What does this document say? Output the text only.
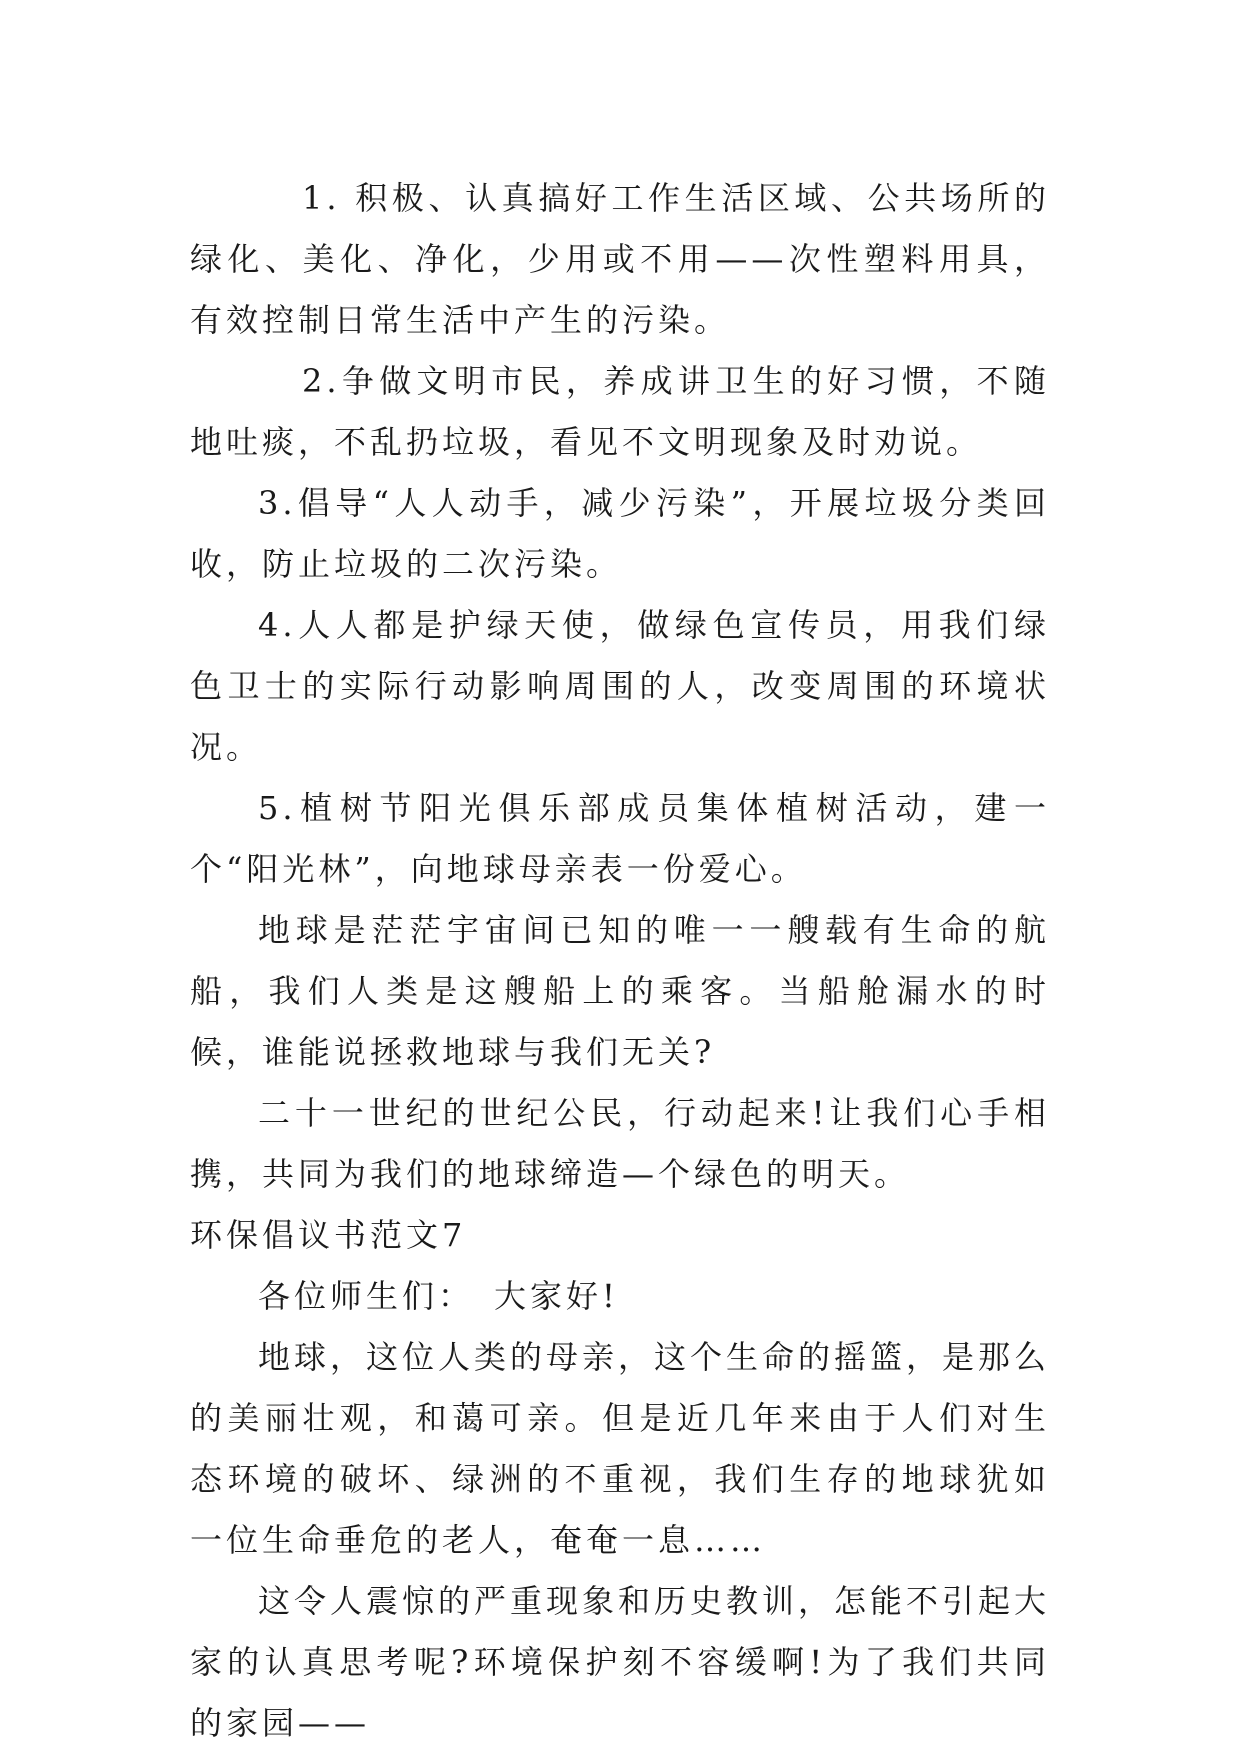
1. 积极、认真搞好工作生活区域、公共场所的绿化、美化、净化，少用或不用——次性塑料用具，有效控制日常生活中产生的污染。

2.争做文明市民，养成讲卫生的好习惯，不随地吐痰，不乱扔垃圾，看见不文明现象及时劝说。

3.倡导“人人动手，减少污染”，开展垃圾分类回收，防止垃圾的二次污染。

4.人人都是护绿天使，做绿色宣传员，用我们绿色卫士的实际行动影响周围的人，改变周围的环境状况。

5.植树节阳光俱乐部成员集体植树活动，建一个“阳光林”，向地球母亲表一份爱心。

地球是茫茫宇宙间已知的唯一一艘载有生命的航船，我们人类是这艘船上的乘客。当船舱漏水的时候，谁能说拯救地球与我们无关?

二十一世纪的世纪公民，行动起来!让我们心手相携，共同为我们的地球缔造—个绿色的明天。

环保倡议书范文7

各位师生们：　大家好!

地球，这位人类的母亲，这个生命的摇篮，是那么的美丽壮观，和蔼可亲。但是近几年来由于人们对生态环境的破坏、绿洲的不重视，我们生存的地球犹如一位生命垂危的老人，奄奄一息……

这令人震惊的严重现象和历史教训，怎能不引起大家的认真思考呢?环境保护刻不容缓啊!为了我们共同的家园——
